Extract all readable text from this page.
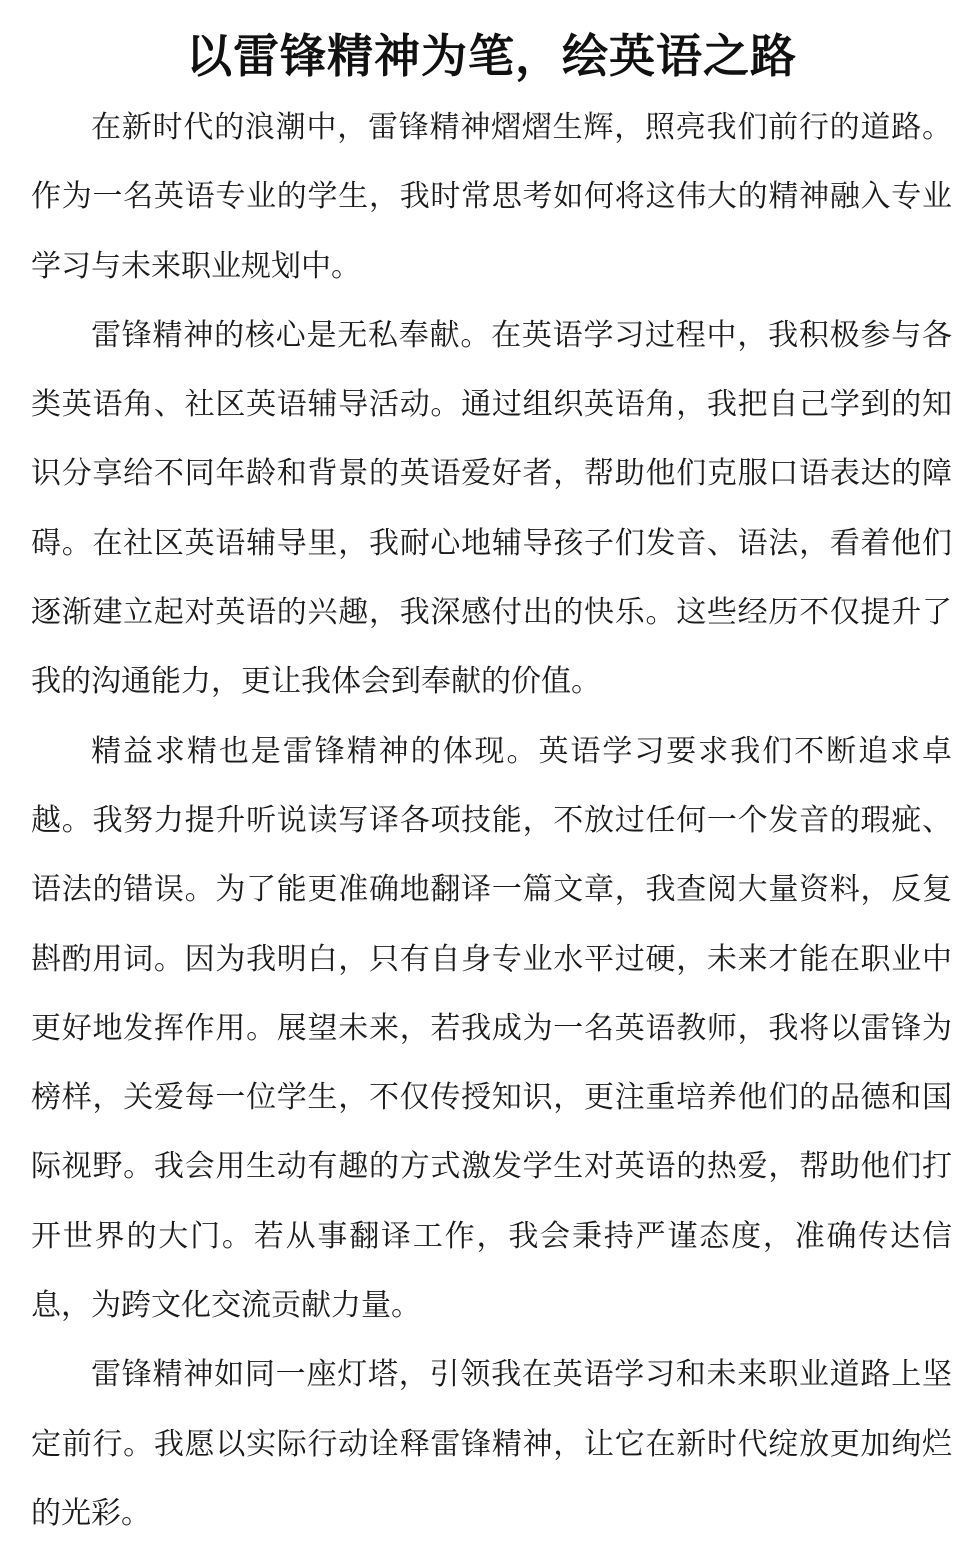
以雷锋精神为笔，绘英语之路

在新时代的浪潮中，雷锋精神熠熠生辉，照亮我们前行的道路。作为一名英语专业的学生，我时常思考如何将这伟大的精神融入专业学习与未来职业规划中。

雷锋精神的核心是无私奉献。在英语学习过程中，我积极参与各类英语角、社区英语辅导活动。通过组织英语角，我把自己学到的知识分享给不同年龄和背景的英语爱好者，帮助他们克服口语表达的障碍。在社区英语辅导里，我耐心地辅导孩子们发音、语法，看着他们逐渐建立起对英语的兴趣，我深感付出的快乐。这些经历不仅提升了我的沟通能力，更让我体会到奉献的价值。

精益求精也是雷锋精神的体现。英语学习要求我们不断追求卓越。我努力提升听说读写译各项技能，不放过任何一个发音的瑕疵、语法的错误。为了能更准确地翻译一篇文章，我查阅大量资料，反复斟酌用词。因为我明白，只有自身专业水平过硬，未来才能在职业中更好地发挥作用。展望未来，若我成为一名英语教师，我将以雷锋为榜样，关爱每一位学生，不仅传授知识，更注重培养他们的品德和国际视野。我会用生动有趣的方式激发学生对英语的热爱，帮助他们打开世界的大门。若从事翻译工作，我会秉持严谨态度，准确传达信息，为跨文化交流贡献力量。

雷锋精神如同一座灯塔，引领我在英语学习和未来职业道路上坚定前行。我愿以实际行动诠释雷锋精神，让它在新时代绽放更加绚烂的光彩。
